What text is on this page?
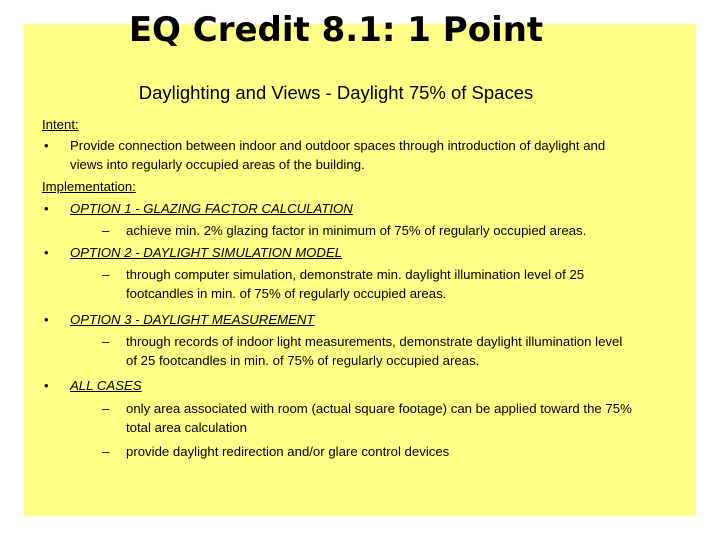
EQ Credit 8.1: 1 Point
Daylighting and Views - Daylight 75% of Spaces
Intent:
• Provide connection between indoor and outdoor spaces through introduction of daylight and
views into regularly occupied areas of the building.
Implementation:
• OPTION 1 - GLAZING FACTOR CALCULATION
– achieve min. 2% glazing factor in minimum of 75% of regularly occupied areas.
• OPTION 2 - DAYLIGHT SIMULATION MODEL
– through computer simulation, demonstrate min. daylight illumination level of 25
footcandles in min. of 75% of regularly occupied areas.
• OPTION 3 - DAYLIGHT MEASUREMENT
– through records of indoor light measurements, demonstrate daylight illumination level
of 25 footcandles in min. of 75% of regularly occupied areas.
• ALL CASES
– only area associated with room (actual square footage) can be applied toward the 75%
total area calculation
– provide daylight redirection and/or glare control devices
